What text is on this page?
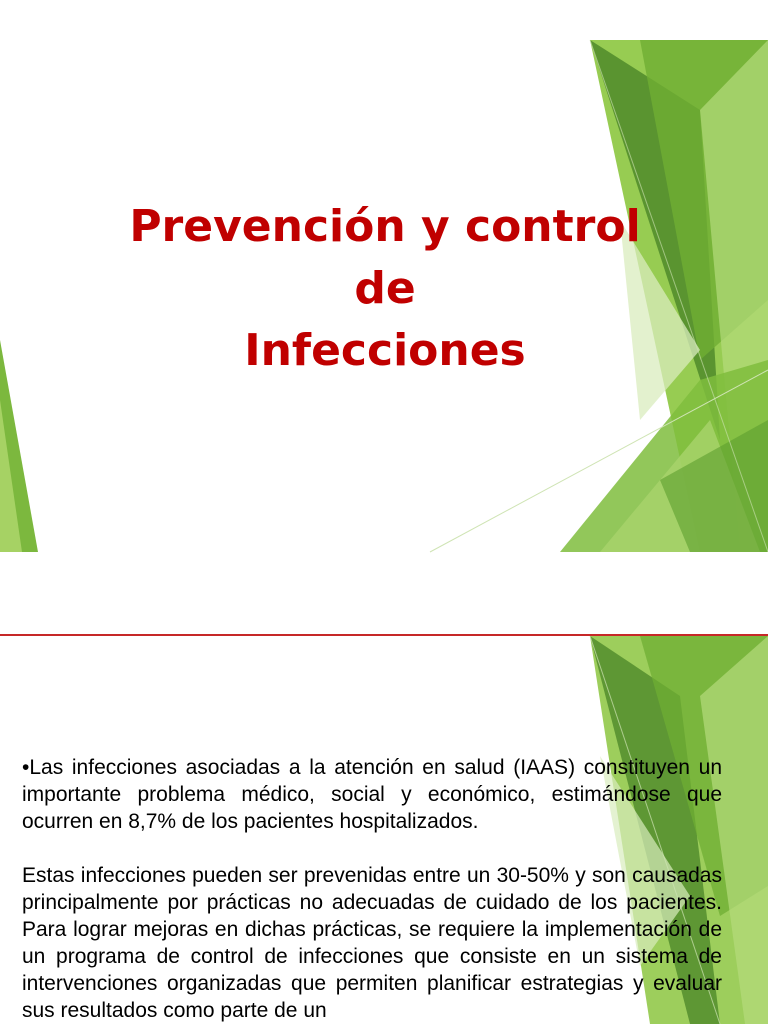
Prevención y control
de
Infecciones

•Las infecciones asociadas a la atención en salud (IAAS) constituyen un importante problema médico, social y económico, estimándose que ocurren en 8,7% de los pacientes hospitalizados.

Estas infecciones pueden ser prevenidas entre un 30-50% y son causadas principalmente por prácticas no adecuadas de cuidado de los pacientes. Para lograr mejoras en dichas prácticas, se requiere la implementación de un programa de control de infecciones que consiste en un sistema de intervenciones organizadas que permiten planificar estrategias y evaluar sus resultados como parte de un
